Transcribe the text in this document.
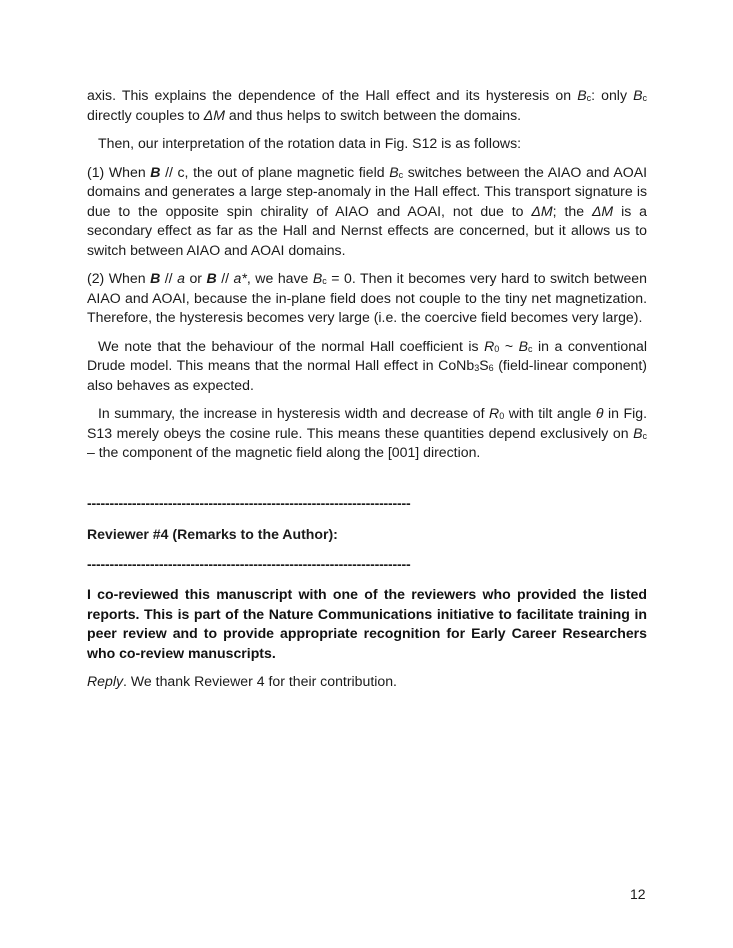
axis. This explains the dependence of the Hall effect and its hysteresis on Bc: only Bc directly couples to ΔM and thus helps to switch between the domains.

Then, our interpretation of the rotation data in Fig. S12 is as follows:

(1) When B // c, the out of plane magnetic field Bc switches between the AIAO and AOAI domains and generates a large step-anomaly in the Hall effect. This transport signature is due to the opposite spin chirality of AIAO and AOAI, not due to ΔM; the ΔM is a secondary effect as far as the Hall and Nernst effects are concerned, but it allows us to switch between AIAO and AOAI domains.

(2) When B // a or B // a*, we have Bc = 0. Then it becomes very hard to switch between AIAO and AOAI, because the in-plane field does not couple to the tiny net magnetization. Therefore, the hysteresis becomes very large (i.e. the coercive field becomes very large).

We note that the behaviour of the normal Hall coefficient is R0 ~ Bc in a conventional Drude model. This means that the normal Hall effect in CoNb3S6 (field-linear component) also behaves as expected.

In summary, the increase in hysteresis width and decrease of R0 with tilt angle θ in Fig. S13 merely obeys the cosine rule. This means these quantities depend exclusively on Bc – the component of the magnetic field along the [001] direction.

------------------------------------------------------------------------
Reviewer #4 (Remarks to the Author):
------------------------------------------------------------------------

I co-reviewed this manuscript with one of the reviewers who provided the listed reports. This is part of the Nature Communications initiative to facilitate training in peer review and to provide appropriate recognition for Early Career Researchers who co-review manuscripts.

Reply. We thank Reviewer 4 for their contribution.

12
